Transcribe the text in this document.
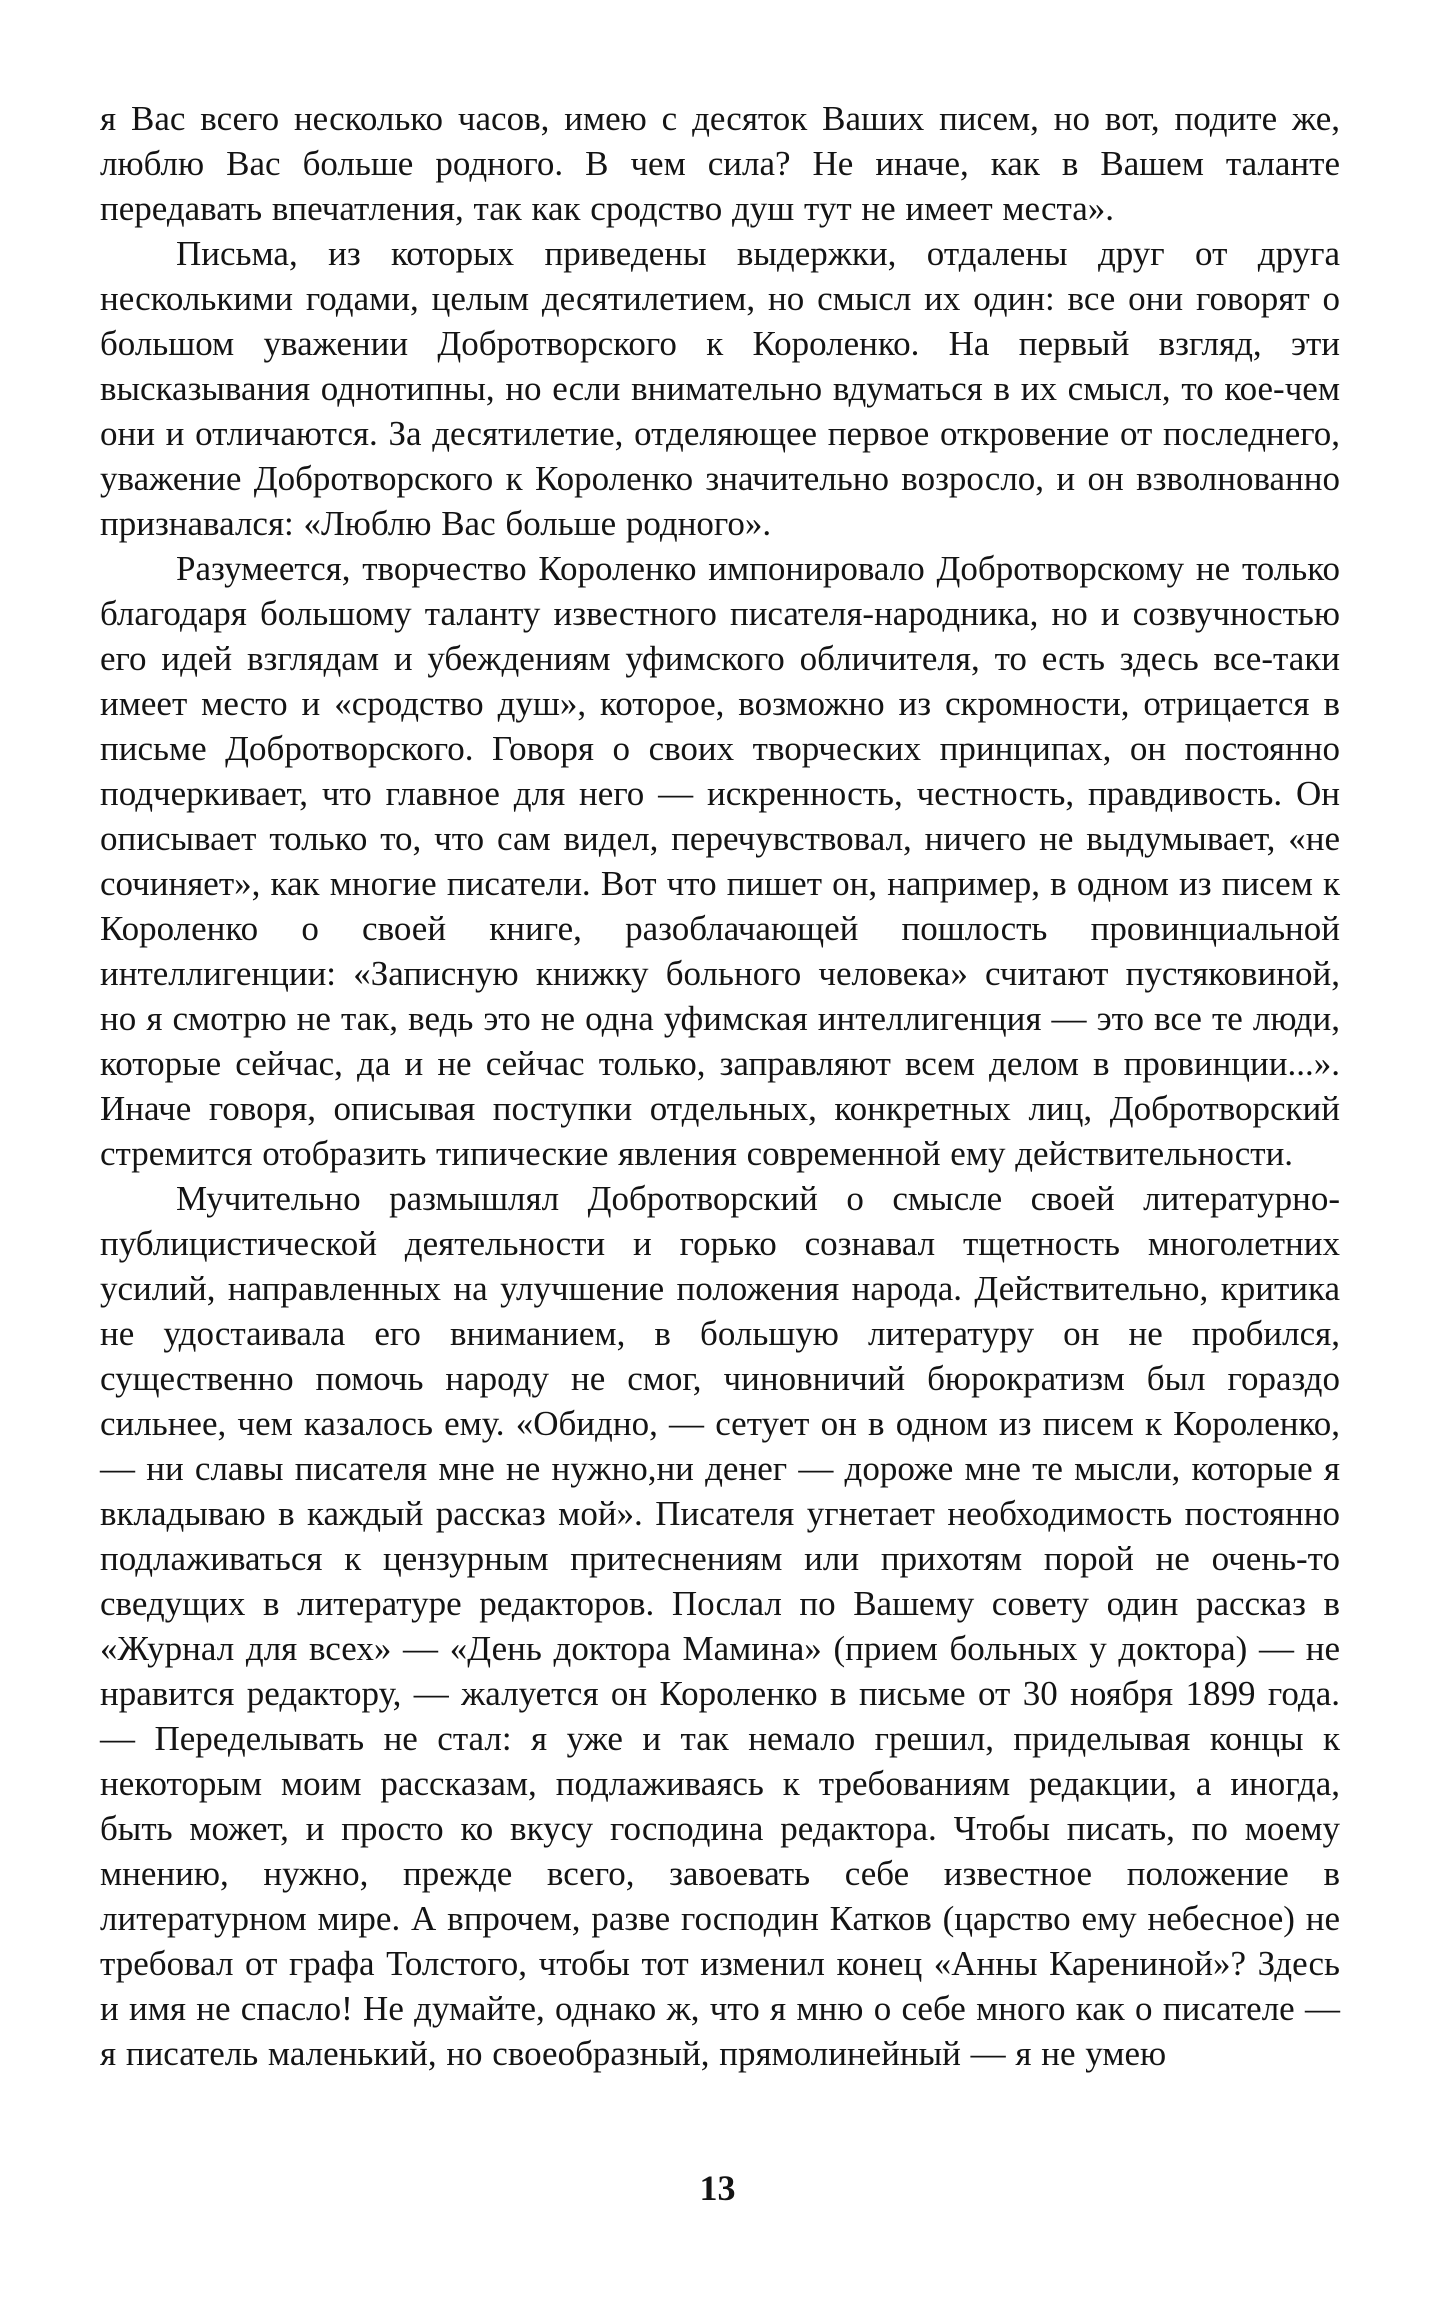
я Вас всего несколько часов, имею с десяток Ваших писем, но вот, подите же, люблю Вас больше родного. В чем сила? Не иначе, как в Вашем таланте передавать впечатления, так как сродство душ тут не имеет места».

Письма, из которых приведены выдержки, отдалены друг от друга несколькими годами, целым десятилетием, но смысл их один: все они говорят о большом уважении Добротворского к Короленко. На первый взгляд, эти высказывания однотипны, но если внимательно вдуматься в их смысл, то кое-чем они и отличаются. За десятилетие, отделяющее первое откровение от последнего, уважение Добротворского к Короленко значительно возросло, и он взволнованно признавался: «Люблю Вас больше родного».

Разумеется, творчество Короленко импонировало Добротворскому не только благодаря большому таланту известного писателя-народника, но и созвучностью его идей взглядам и убеждениям уфимского обличителя, то есть здесь все-таки имеет место и «сродство душ», которое, возможно из скромности, отрицается в письме Добротворского. Говоря о своих творческих принципах, он постоянно подчеркивает, что главное для него — искренность, честность, правдивость. Он описывает только то, что сам видел, перечувствовал, ничего не выдумывает, «не сочиняет», как многие писатели. Вот что пишет он, например, в одном из писем к Короленко о своей книге, разоблачающей пошлость провинциальной интеллигенции: «Записную книжку больного человека» считают пустяковиной, но я смотрю не так, ведь это не одна уфимская интеллигенция — это все те люди, которые сейчас, да и не сейчас только, заправляют всем делом в провинции...». Иначе говоря, описывая поступки отдельных, конкретных лиц, Добротворский стремится отобразить типические явления современной ему действительности.

Мучительно размышлял Добротворский о смысле своей литературно-публицистической деятельности и горько сознавал тщетность многолетних усилий, направленных на улучшение положения народа. Действительно, критика не удостаивала его вниманием, в большую литературу он не пробился, существенно помочь народу не смог, чиновничий бюрократизм был гораздо сильнее, чем казалось ему. «Обидно, — сетует он в одном из писем к Короленко, — ни славы писателя мне не нужно,ни денег — дороже мне те мысли, которые я вкладываю в каждый рассказ мой». Писателя угнетает необходимость постоянно подлаживаться к цензурным притеснениям или прихотям порой не очень-то сведущих в литературе редакторов. Послал по Вашему совету один рассказ в «Журнал для всех» — «День доктора Мамина» (прием больных у доктора) — не нравится редактору, — жалуется он Короленко в письме от 30 ноября 1899 года. — Переделывать не стал: я уже и так немало грешил, приделывая концы к некоторым моим рассказам, подлаживаясь к требованиям редакции, а иногда, быть может, и просто ко вкусу господина редактора. Чтобы писать, по моему мнению, нужно, прежде всего, завоевать себе известное положение в литературном мире. А впрочем, разве господин Катков (царство ему небесное) не требовал от графа Толстого, чтобы тот изменил конец «Анны Карениной»? Здесь и имя не спасло! Не думайте, однако ж, что я мню о себе много как о писателе — я писатель маленький, но своеобразный, прямолинейный — я не умею

13
